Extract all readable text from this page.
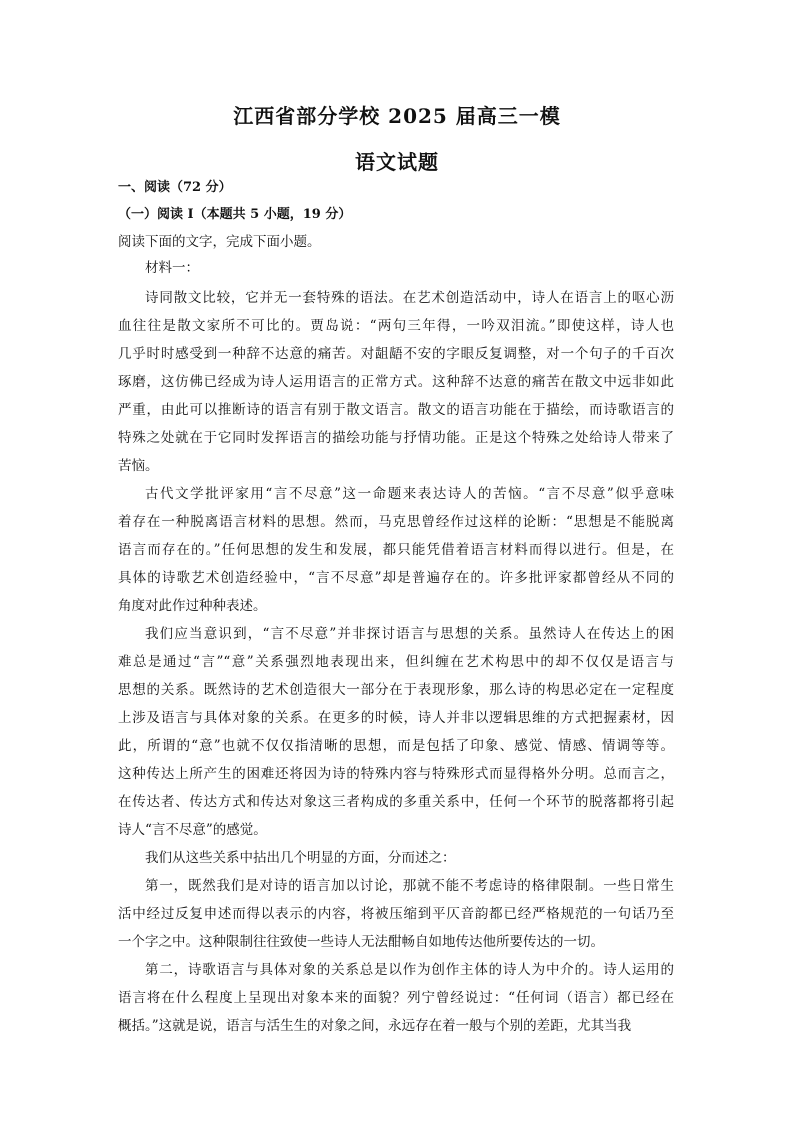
江西省部分学校 2025 届高三一模
语文试题

一、阅读（72 分）

（一）阅读 I（本题共 5 小题，19 分）

阅读下面的文字，完成下面小题。

材料一：

诗同散文比较，它并无一套特殊的语法。在艺术创造活动中，诗人在语言上的呕心沥
血往往是散文家所不可比的。贾岛说：“两句三年得，一吟双泪流。”即使这样，诗人也
几乎时时感受到一种辞不达意的痛苦。对龃龉不安的字眼反复调整，对一个句子的千百次
琢磨，这仿佛已经成为诗人运用语言的正常方式。这种辞不达意的痛苦在散文中远非如此
严重，由此可以推断诗的语言有别于散文语言。散文的语言功能在于描绘，而诗歌语言的
特殊之处就在于它同时发挥语言的描绘功能与抒情功能。正是这个特殊之处给诗人带来了
苦恼。
古代文学批评家用“言不尽意”这一命题来表达诗人的苦恼。“言不尽意”似乎意味
着存在一种脱离语言材料的思想。然而，马克思曾经作过这样的论断：“思想是不能脱离
语言而存在的。”任何思想的发生和发展，都只能凭借着语言材料而得以进行。但是，在
具体的诗歌艺术创造经验中，“言不尽意”却是普遍存在的。许多批评家都曾经从不同的
角度对此作过种种表述。
我们应当意识到，“言不尽意”并非探讨语言与思想的关系。虽然诗人在传达上的困
难总是通过“言”“意”关系强烈地表现出来，但纠缠在艺术构思中的却不仅仅是语言与
思想的关系。既然诗的艺术创造很大一部分在于表现形象，那么诗的构思必定在一定程度
上涉及语言与具体对象的关系。在更多的时候，诗人并非以逻辑思维的方式把握素材，因
此，所谓的“意”也就不仅仅指清晰的思想，而是包括了印象、感觉、情感、情调等等。
这种传达上所产生的困难还将因为诗的特殊内容与特殊形式而显得格外分明。总而言之，
在传达者、传达方式和传达对象这三者构成的多重关系中，任何一个环节的脱落都将引起
诗人“言不尽意”的感觉。
我们从这些关系中拈出几个明显的方面，分而述之：
第一，既然我们是对诗的语言加以讨论，那就不能不考虑诗的格律限制。一些日常生
活中经过反复申述而得以表示的内容，将被压缩到平仄音韵都已经严格规范的一句话乃至
一个字之中。这种限制往往致使一些诗人无法酣畅自如地传达他所要传达的一切。
第二，诗歌语言与具体对象的关系总是以作为创作主体的诗人为中介的。诗人运用的
语言将在什么程度上呈现出对象本来的面貌？列宁曾经说过：“任何词（语言）都已经在
概括。”这就是说，语言与活生生的对象之间，永远存在着一般与个别的差距，尤其当我
